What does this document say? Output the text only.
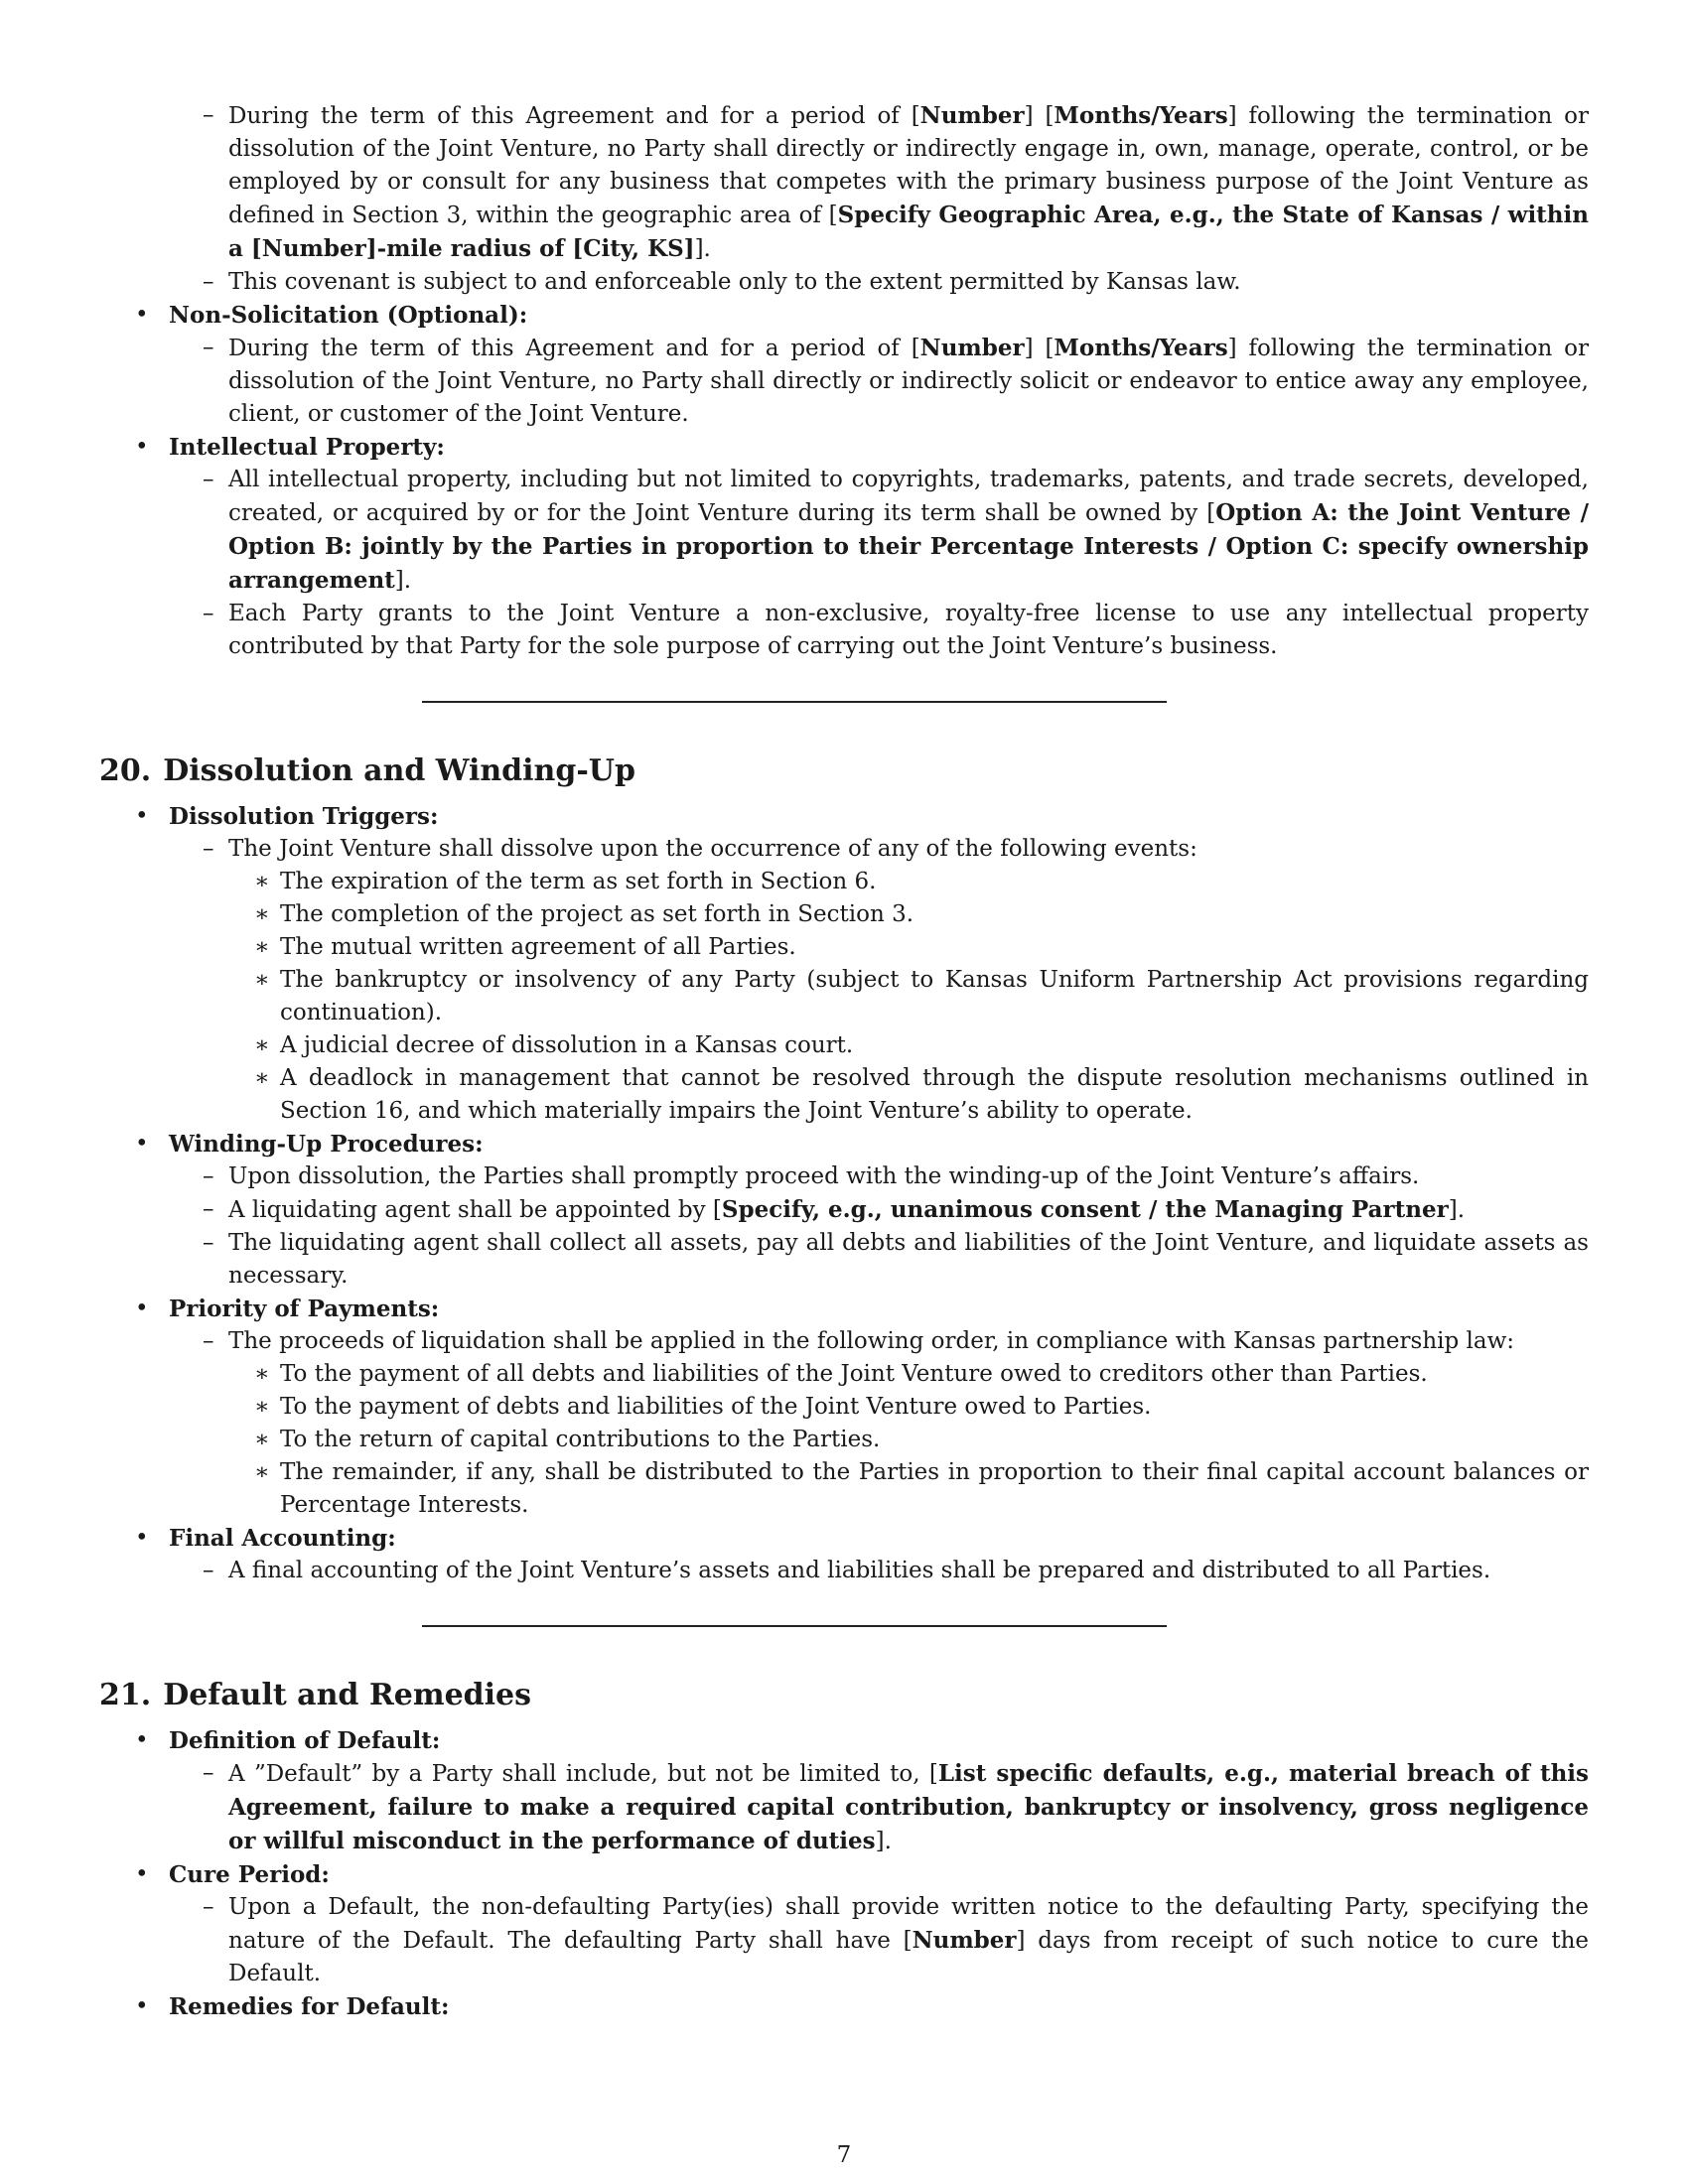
– During the term of this Agreement and for a period of [Number] [Months/Years] following the termination or dissolution of the Joint Venture, no Party shall directly or indirectly engage in, own, manage, operate, control, or be employed by or consult for any business that competes with the primary business purpose of the Joint Venture as defined in Section 3, within the geographic area of [Specify Geographic Area, e.g., the State of Kansas / within a [Number]-mile radius of [City, KS]].
– This covenant is subject to and enforceable only to the extent permitted by Kansas law.
• Non-Solicitation (Optional):
– During the term of this Agreement and for a period of [Number] [Months/Years] following the termination or dissolution of the Joint Venture, no Party shall directly or indirectly solicit or endeavor to entice away any employee, client, or customer of the Joint Venture.
• Intellectual Property:
– All intellectual property, including but not limited to copyrights, trademarks, patents, and trade secrets, developed, created, or acquired by or for the Joint Venture during its term shall be owned by [Option A: the Joint Venture / Option B: jointly by the Parties in proportion to their Percentage Interests / Option C: specify ownership arrangement].
– Each Party grants to the Joint Venture a non-exclusive, royalty-free license to use any intellectual property contributed by that Party for the sole purpose of carrying out the Joint Venture’s business.
20. Dissolution and Winding-Up
• Dissolution Triggers:
– The Joint Venture shall dissolve upon the occurrence of any of the following events:
∗ The expiration of the term as set forth in Section 6.
∗ The completion of the project as set forth in Section 3.
∗ The mutual written agreement of all Parties.
∗ The bankruptcy or insolvency of any Party (subject to Kansas Uniform Partnership Act provisions regarding continuation).
∗ A judicial decree of dissolution in a Kansas court.
∗ A deadlock in management that cannot be resolved through the dispute resolution mechanisms outlined in Section 16, and which materially impairs the Joint Venture’s ability to operate.
• Winding-Up Procedures:
– Upon dissolution, the Parties shall promptly proceed with the winding-up of the Joint Venture’s affairs.
– A liquidating agent shall be appointed by [Specify, e.g., unanimous consent / the Managing Partner].
– The liquidating agent shall collect all assets, pay all debts and liabilities of the Joint Venture, and liquidate assets as necessary.
• Priority of Payments:
– The proceeds of liquidation shall be applied in the following order, in compliance with Kansas partnership law:
∗ To the payment of all debts and liabilities of the Joint Venture owed to creditors other than Parties.
∗ To the payment of debts and liabilities of the Joint Venture owed to Parties.
∗ To the return of capital contributions to the Parties.
∗ The remainder, if any, shall be distributed to the Parties in proportion to their final capital account balances or Percentage Interests.
• Final Accounting:
– A final accounting of the Joint Venture’s assets and liabilities shall be prepared and distributed to all Parties.
21. Default and Remedies
• Definition of Default:
– A ”Default” by a Party shall include, but not be limited to, [List specific defaults, e.g., material breach of this Agreement, failure to make a required capital contribution, bankruptcy or insolvency, gross negligence or willful misconduct in the performance of duties].
• Cure Period:
– Upon a Default, the non-defaulting Party(ies) shall provide written notice to the defaulting Party, specifying the nature of the Default. The defaulting Party shall have [Number] days from receipt of such notice to cure the Default.
• Remedies for Default:
7
